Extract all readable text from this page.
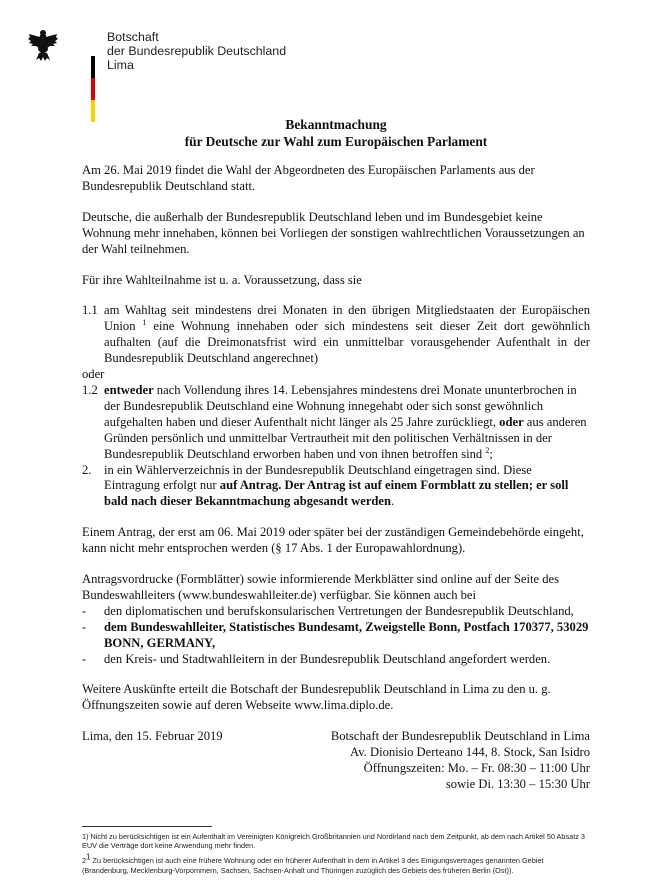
Botschaft
der Bundesrepublik Deutschland
Lima
Bekanntmachung
für Deutsche zur Wahl zum Europäischen Parlament

Am 26. Mai 2019 findet die Wahl der Abgeordneten des Europäischen Parlaments aus der Bundesrepublik Deutschland statt.

Deutsche, die außerhalb der Bundesrepublik Deutschland leben und im Bundesgebiet keine Wohnung mehr innehaben, können bei Vorliegen der sonstigen wahlrechtlichen Voraussetzungen an der Wahl teilnehmen.

Für ihre Wahlteilnahme ist u. a. Voraussetzung, dass sie

1.1 am Wahltag seit mindestens drei Monaten in den übrigen Mitgliedstaaten der Europäischen Union $^1$ eine Wohnung innehaben oder sich mindestens seit dieser Zeit dort gewöhnlich aufhalten (auf die Dreimonatsfrist wird ein unmittelbar vorausgehender Aufenthalt in der Bundesrepublik Deutschland angerechnet)
oder
1.2 entweder nach Vollendung ihres 14. Lebensjahres mindestens drei Monate ununterbrochen in der Bundesrepublik Deutschland eine Wohnung innegehabt oder sich sonst gewöhnlich aufgehalten haben und dieser Aufenthalt nicht länger als 25 Jahre zurückliegt, oder aus anderen Gründen persönlich und unmittelbar Vertrautheit mit den politischen Verhältnissen in der Bundesrepublik Deutschland erworben haben und von ihnen betroffen sind $^2$;
2. in ein Wählerverzeichnis in der Bundesrepublik Deutschland eingetragen sind. Diese Eintragung erfolgt nur auf Antrag. Der Antrag ist auf einem Formblatt zu stellen; er soll bald nach dieser Bekanntmachung abgesandt werden.

Einem Antrag, der erst am 06. Mai 2019 oder später bei der zuständigen Gemeindebehörde eingeht, kann nicht mehr entsprochen werden (§ 17 Abs. 1 der Europawahlordnung).

Antragsvordrucke (Formblätter) sowie informierende Merkblätter sind online auf der Seite des Bundeswahlleiters (www.bundeswahlleiter.de) verfügbar. Sie können auch bei
- den diplomatischen und berufskonsularischen Vertretungen der Bundesrepublik Deutschland,
- dem Bundeswahlleiter, Statistisches Bundesamt, Zweigstelle Bonn, Postfach 170377, 53029 BONN, GERMANY,
- den Kreis- und Stadtwahlleitern in der Bundesrepublik Deutschland angefordert werden.

Weitere Auskünfte erteilt die Botschaft der Bundesrepublik Deutschland in Lima zu den u. g. Öffnungszeiten sowie auf deren Webseite www.lima.diplo.de.

Lima, den 15. Februar 2019	Botschaft der Bundesrepublik Deutschland in Lima
Av. Dionisio Derteano 144, 8. Stock, San Isidro
Öffnungszeiten: Mo. – Fr. 08:30 – 11:00 Uhr
sowie Di. 13:30 – 15:30 Uhr
1) Nicht zu berücksichtigen ist ein Aufenthalt im Vereinigten Königreich Großbritannien und Nordirland nach dem Zeitpunkt, ab dem nach Artikel 50 Absatz 3 EUV die Verträge dort keine Anwendung mehr finden.
$2^1$ Zu berücksichtigen ist auch eine frühere Wohnung oder ein früherer Aufenthalt in dem in Artikel 3 des Einigungsvertrages genannten Gebiet (Brandenburg, Mecklenburg-Vorpommern, Sachsen, Sachsen-Anhalt und Thüringen zuzüglich des Gebiets des früheren Berlin (Ost)).
